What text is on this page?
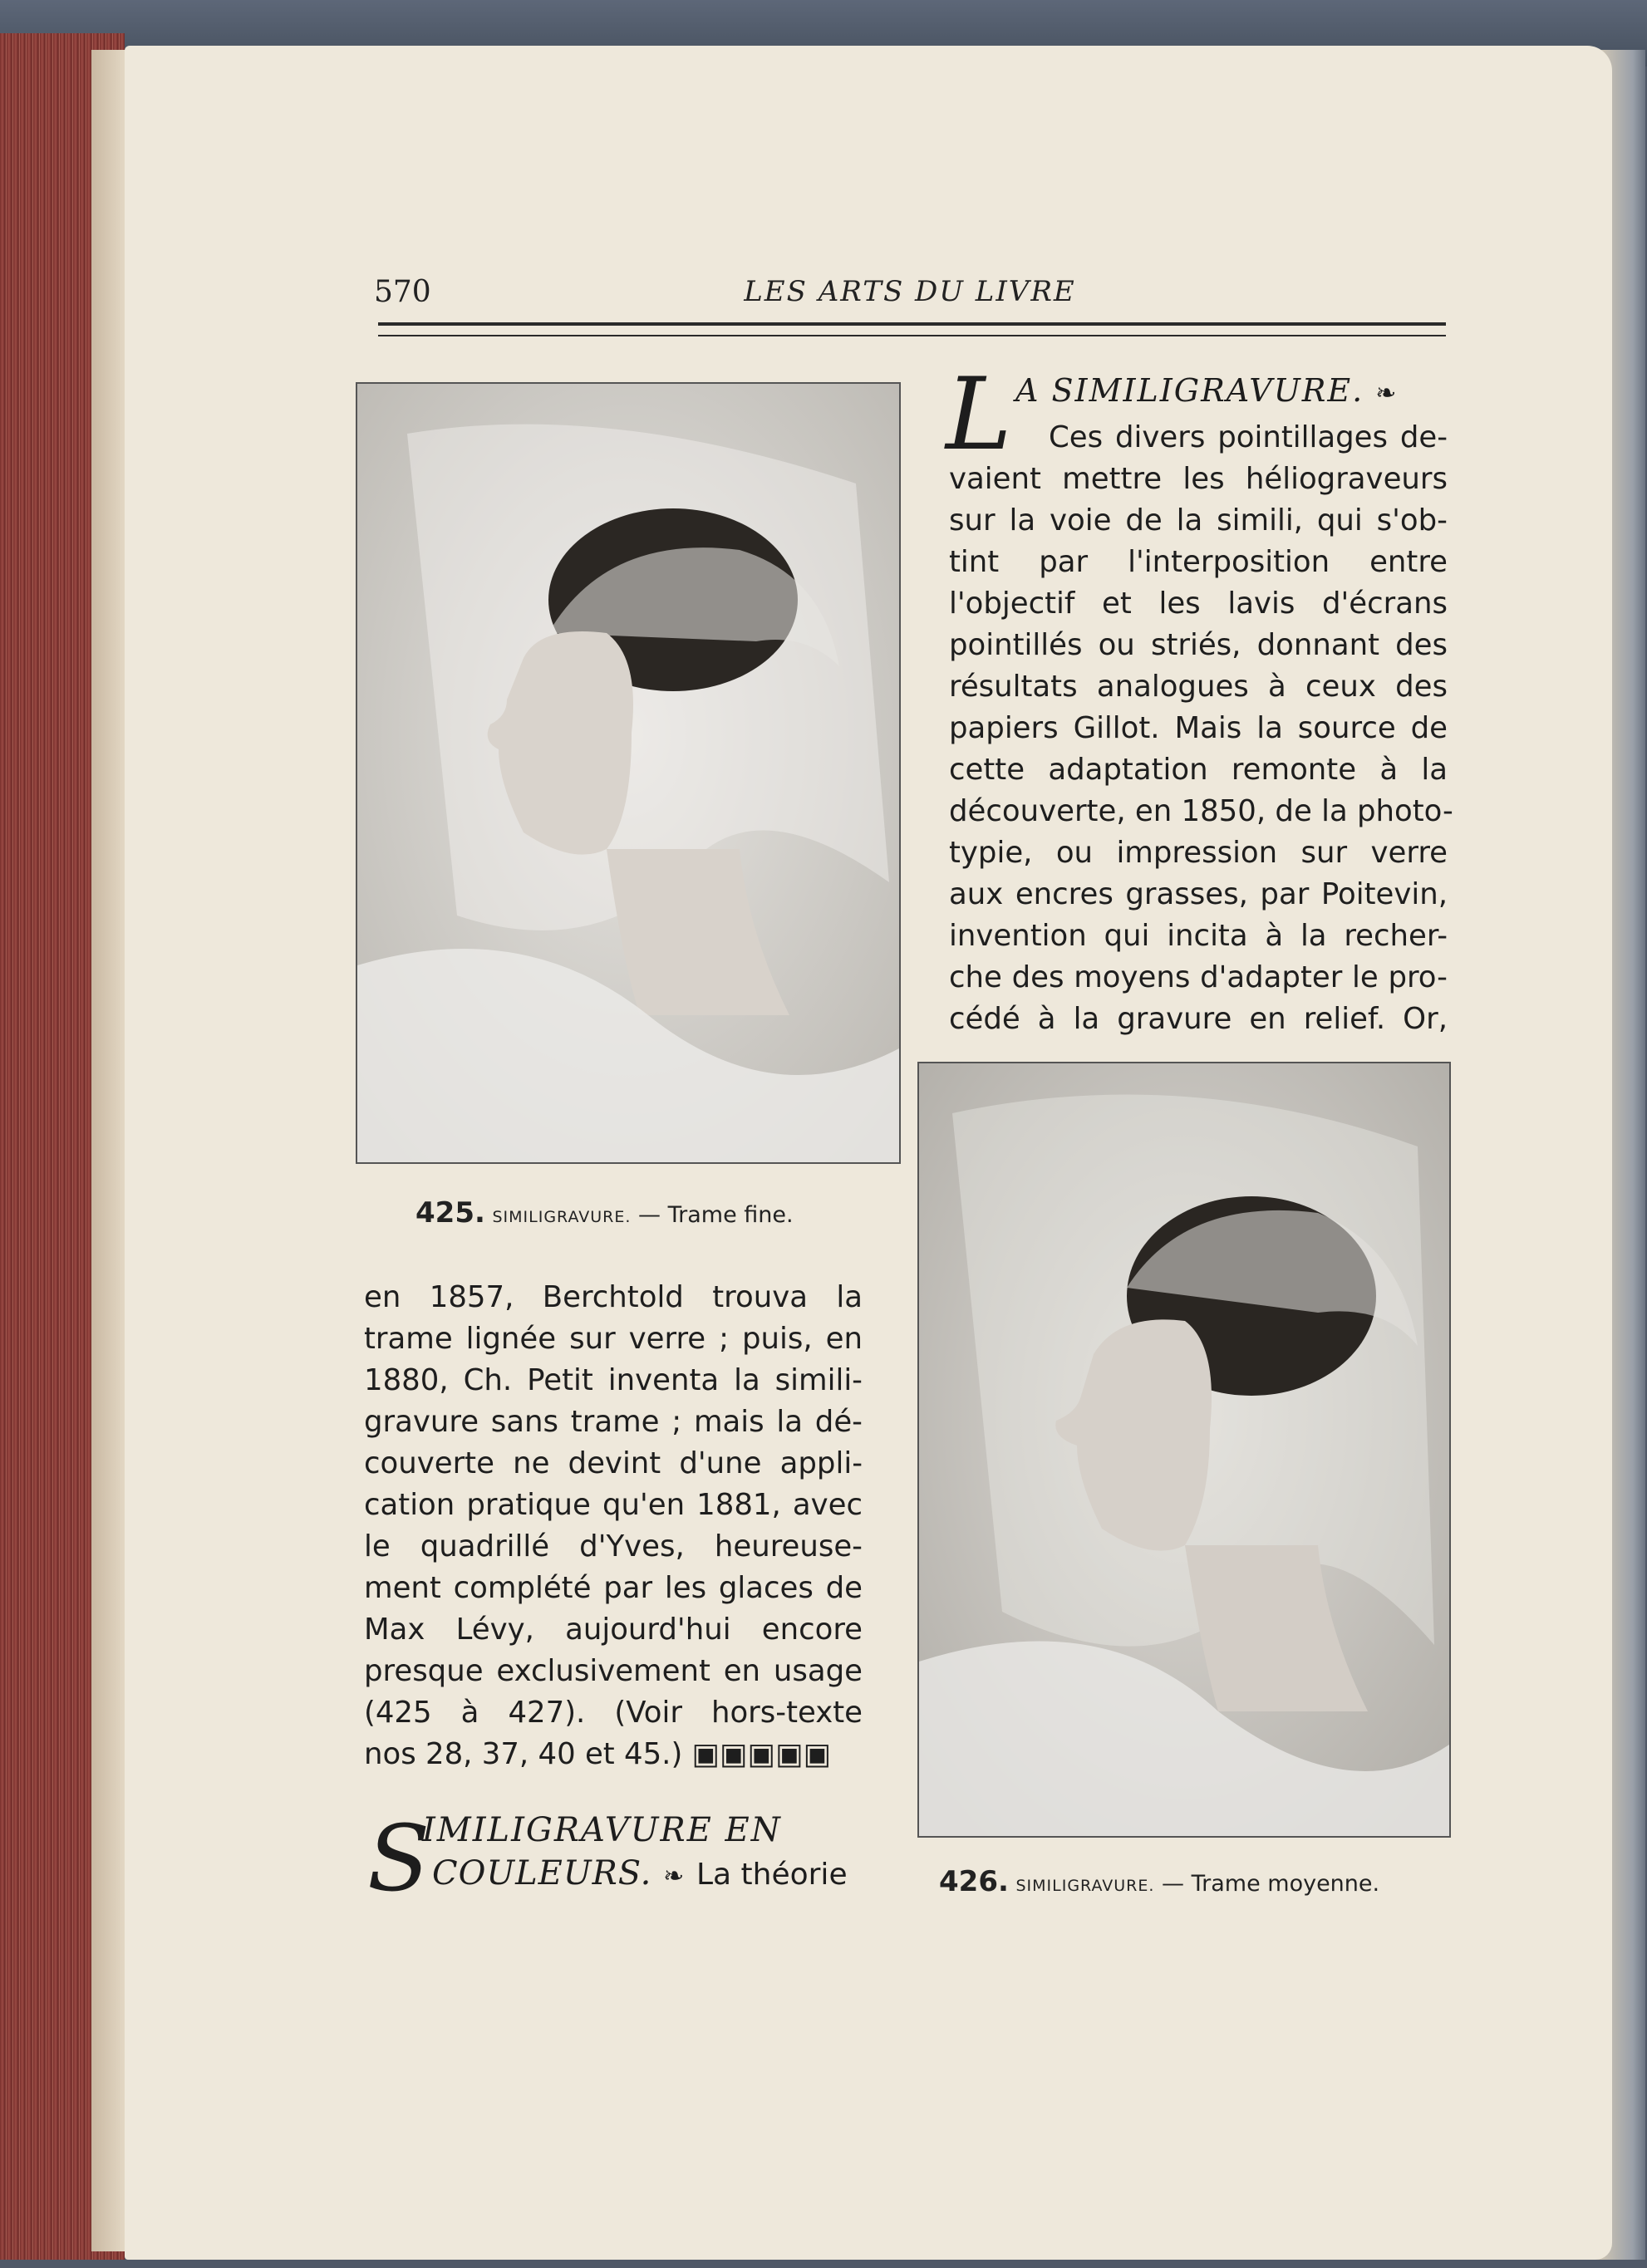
570	LES ARTS DU LIVRE
425. SIMILIGRAVURE. — Trame fine.
426. SIMILIGRAVURE. — Trame moyenne.
L A SIMILIGRAVURE. ❧
Ces divers pointillages de-
vaient mettre les héliograveurs
sur la voie de la simili, qui s'ob-
tint par l'interposition entre
l'objectif et les lavis d'écrans
pointillés ou striés, donnant des
résultats analogues à ceux des
papiers Gillot. Mais la source de
cette adaptation remonte à la
découverte, en 1850, de la photo-
typie, ou impression sur verre
aux encres grasses, par Poitevin,
invention qui incita à la recher-
che des moyens d'adapter le pro-
cédé à la gravure en relief. Or,
en 1857, Berchtold trouva la
trame lignée sur verre ; puis, en
1880, Ch. Petit inventa la simili-
gravure sans trame ; mais la dé-
couverte ne devint d'une appli-
cation pratique qu'en 1881, avec
le quadrillé d'Yves, heureuse-
ment complété par les glaces de
Max Lévy, aujourd'hui encore
presque exclusivement en usage
(425 à 427). (Voir hors-texte
nos 28, 37, 40 et 45.) ▣▣▣▣▣
S
IMILIGRAVURE EN
COULEURS. ❧ La théorie
